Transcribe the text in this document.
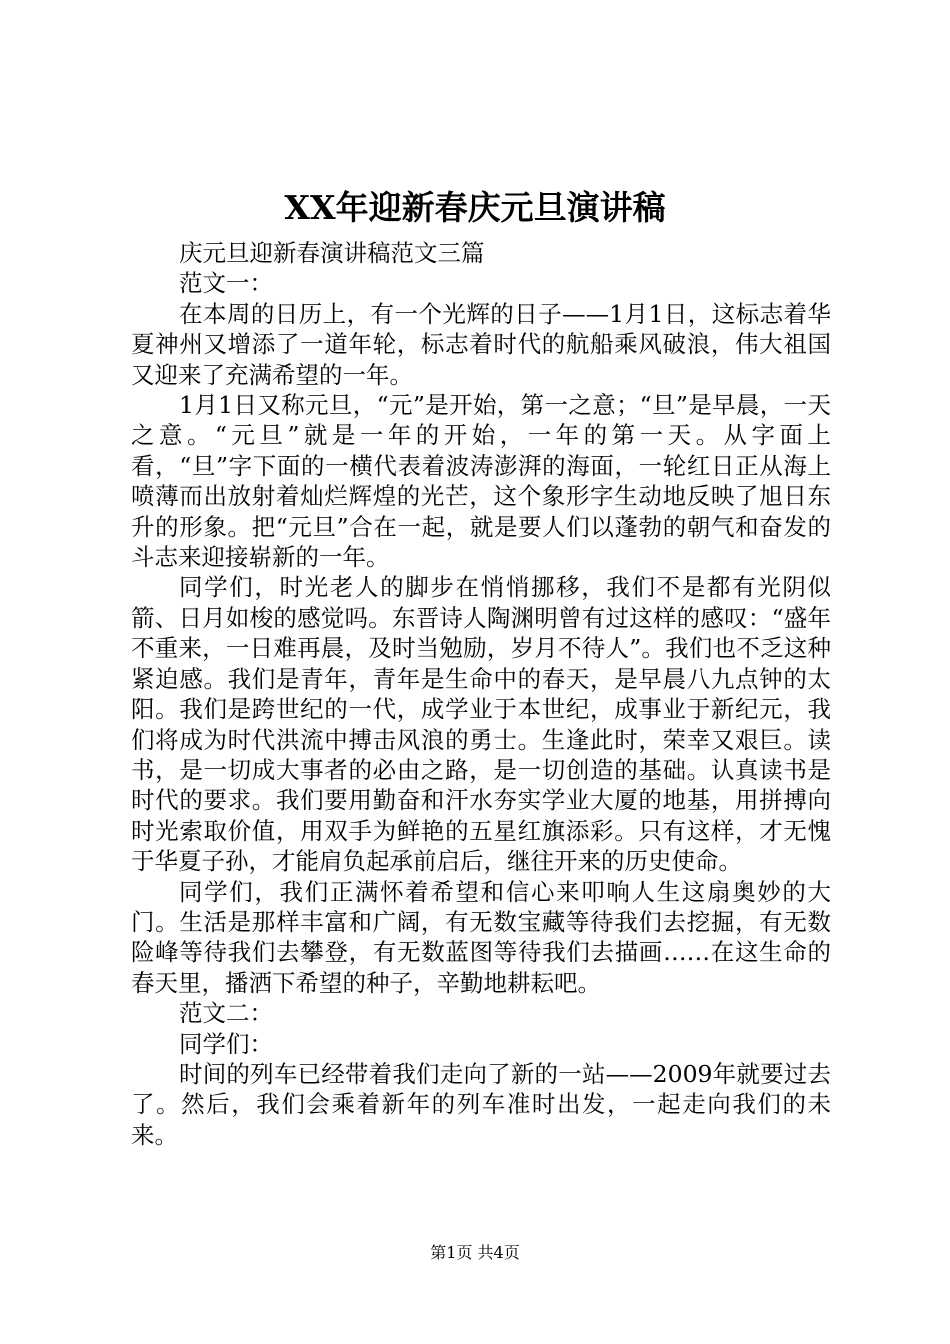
XX年迎新春庆元旦演讲稿

庆元旦迎新春演讲稿范文三篇

范文一：

在本周的日历上，有一个光辉的日子——1月1日，这标志着华夏神州又增添了一道年轮，标志着时代的航船乘风破浪，伟大祖国又迎来了充满希望的一年。

1月1日又称元旦，“元”是开始，第一之意；“旦”是早晨，一天之意。“元旦”就是一年的开始，一年的第一天。从字面上看，“旦”字下面的一横代表着波涛澎湃的海面，一轮红日正从海上喷薄而出放射着灿烂辉煌的光芒，这个象形字生动地反映了旭日东升的形象。把“元旦”合在一起，就是要人们以蓬勃的朝气和奋发的斗志来迎接崭新的一年。

同学们，时光老人的脚步在悄悄挪移，我们不是都有光阴似箭、日月如梭的感觉吗。东晋诗人陶渊明曾有过这样的感叹：“盛年不重来，一日难再晨，及时当勉励，岁月不待人”。我们也不乏这种紧迫感。我们是青年，青年是生命中的春天，是早晨八九点钟的太阳。我们是跨世纪的一代，成学业于本世纪，成事业于新纪元，我们将成为时代洪流中搏击风浪的勇士。生逢此时，荣幸又艰巨。读书，是一切成大事者的必由之路，是一切创造的基础。认真读书是时代的要求。我们要用勤奋和汗水夯实学业大厦的地基，用拼搏向时光索取价值，用双手为鲜艳的五星红旗添彩。只有这样，才无愧于华夏子孙，才能肩负起承前启后，继往开来的历史使命。

同学们，我们正满怀着希望和信心来叩响人生这扇奥妙的大门。生活是那样丰富和广阔，有无数宝藏等待我们去挖掘，有无数险峰等待我们去攀登，有无数蓝图等待我们去描画……在这生命的春天里，播洒下希望的种子，辛勤地耕耘吧。

范文二：

同学们：

时间的列车已经带着我们走向了新的一站——2009年就要过去了。然后，我们会乘着新年的列车准时出发，一起走向我们的未来。

第1页 共4页
